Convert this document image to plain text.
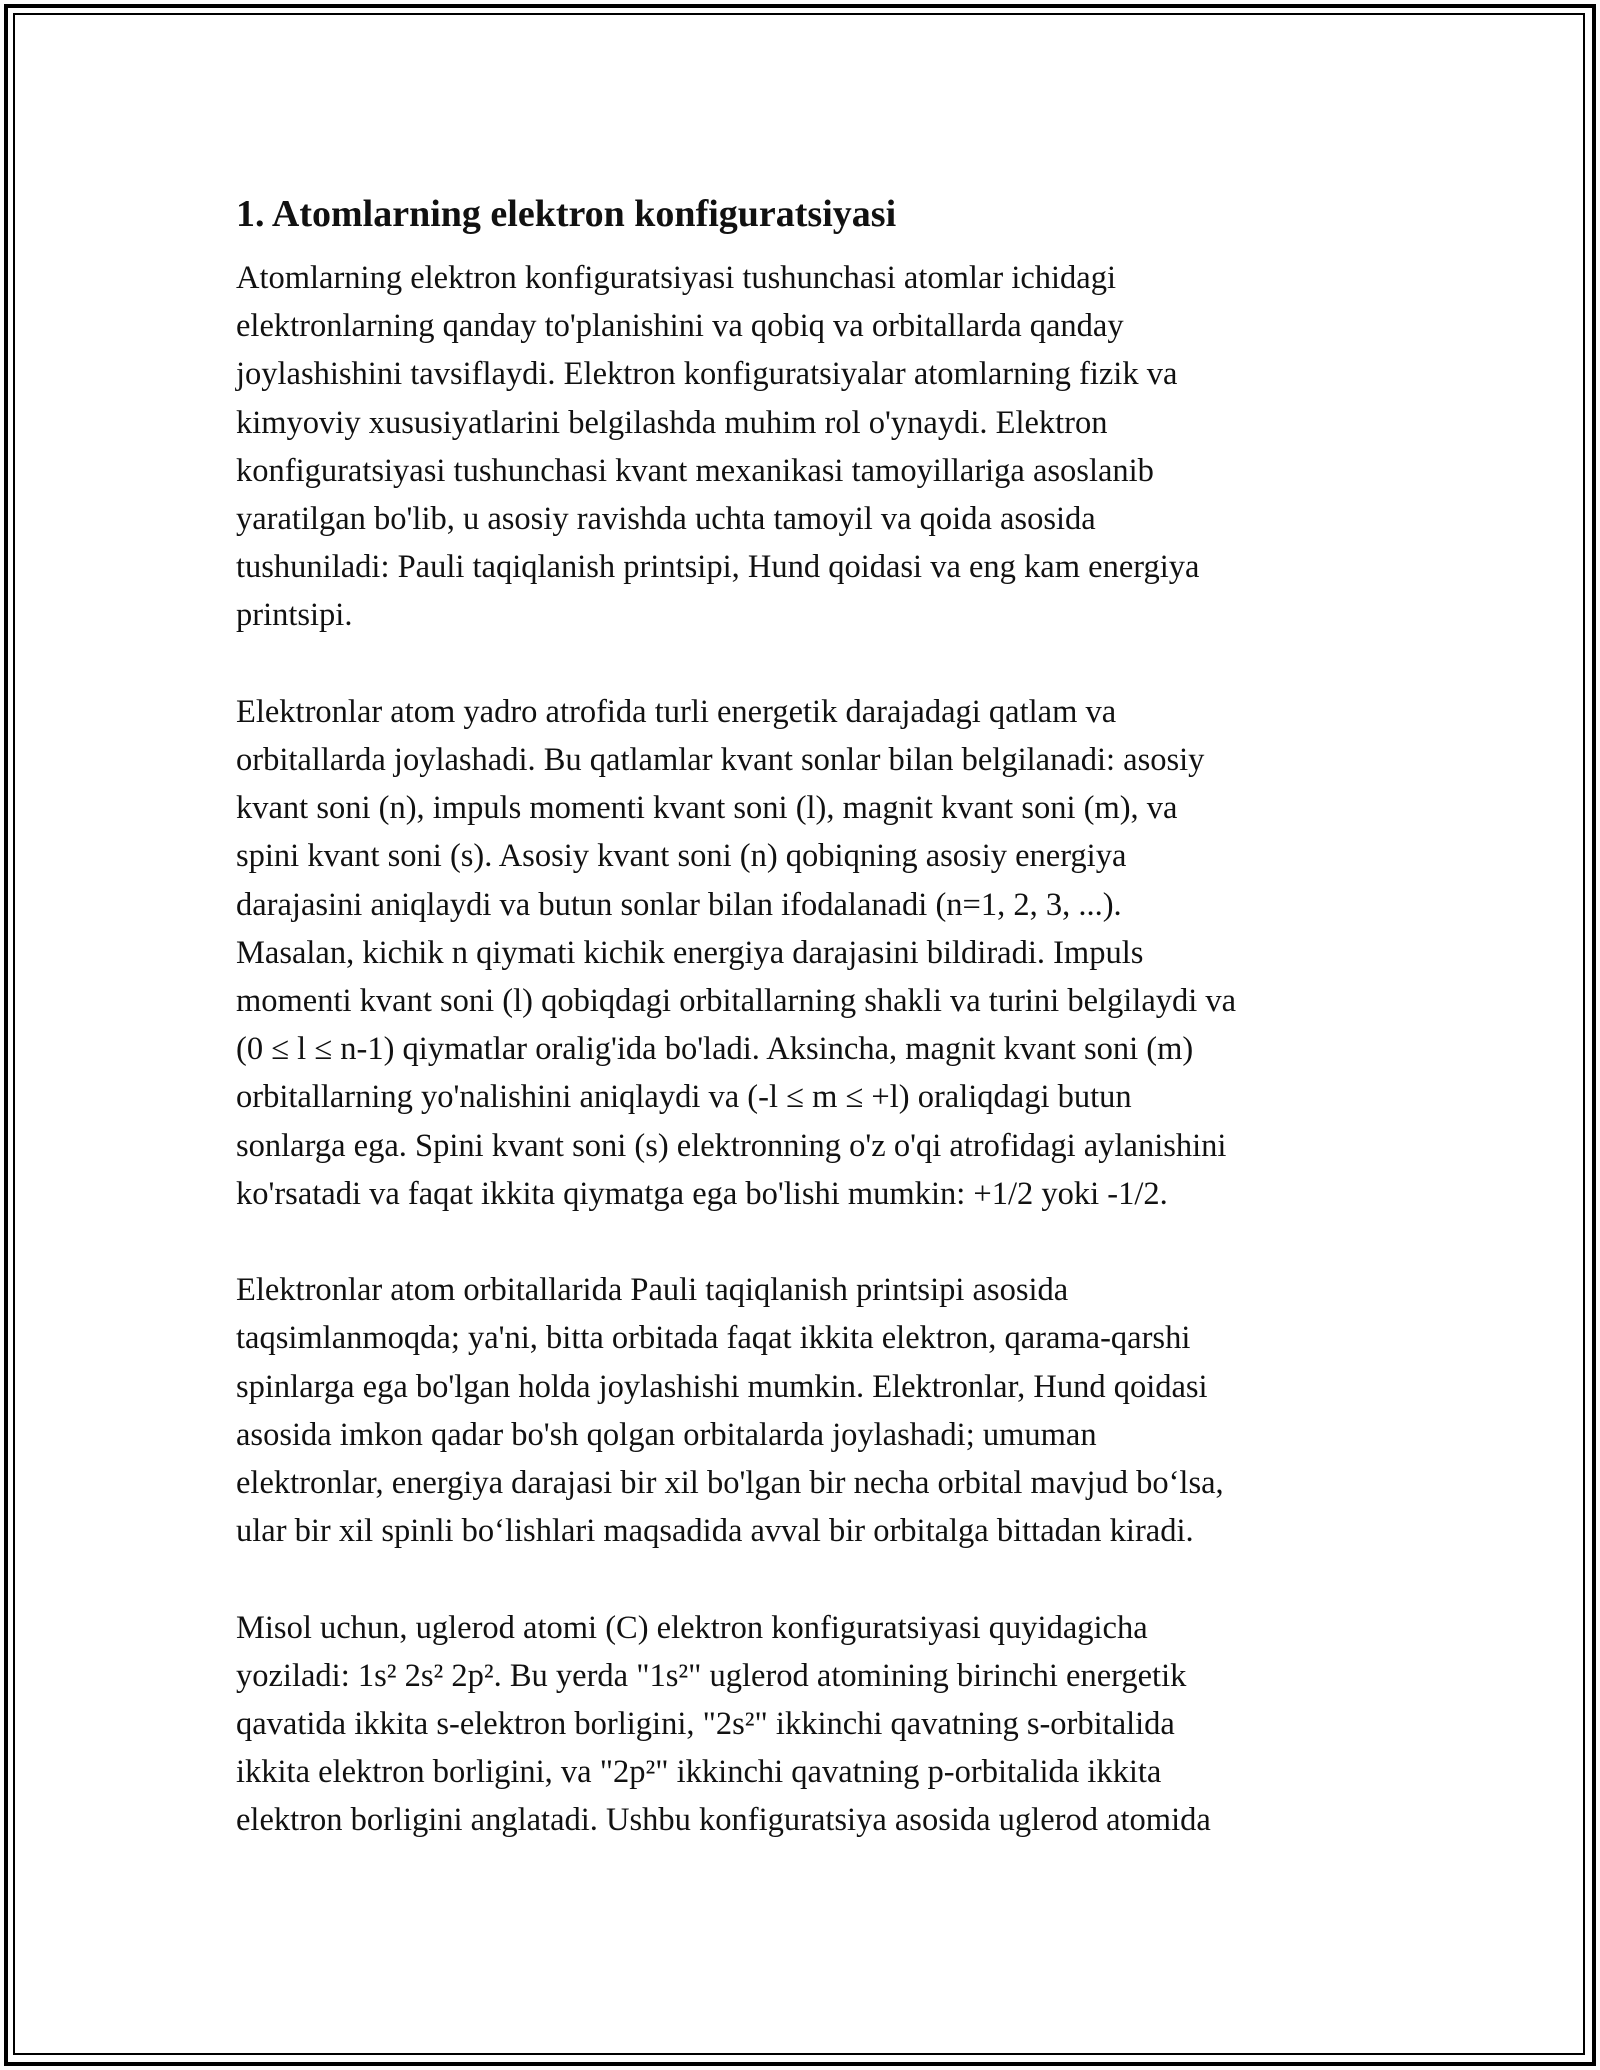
1. Atomlarning elektron konfiguratsiyasi
Atomlarning elektron konfiguratsiyasi tushunchasi atomlar ichidagi
elektronlarning qanday to'planishini va qobiq va orbitallarda qanday
joylashishini tavsiflaydi. Elektron konfiguratsiyalar atomlarning fizik va
kimyoviy xususiyatlarini belgilashda muhim rol o'ynaydi. Elektron
konfiguratsiyasi tushunchasi kvant mexanikasi tamoyillariga asoslanib
yaratilgan bo'lib, u asosiy ravishda uchta tamoyil va qoida asosida
tushuniladi: Pauli taqiqlanish printsipi, Hund qoidasi va eng kam energiya
printsipi.
Elektronlar atom yadro atrofida turli energetik darajadagi qatlam va
orbitallarda joylashadi. Bu qatlamlar kvant sonlar bilan belgilanadi: asosiy
kvant soni (n), impuls momenti kvant soni (l), magnit kvant soni (m), va
spini kvant soni (s). Asosiy kvant soni (n) qobiqning asosiy energiya
darajasini aniqlaydi va butun sonlar bilan ifodalanadi (n=1, 2, 3, ...).
Masalan, kichik n qiymati kichik energiya darajasini bildiradi. Impuls
momenti kvant soni (l) qobiqdagi orbitallarning shakli va turini belgilaydi va
(0 ≤ l ≤ n-1) qiymatlar oralig'ida bo'ladi. Aksincha, magnit kvant soni (m)
orbitallarning yo'nalishini aniqlaydi va (-l ≤ m ≤ +l) oraliqdagi butun
sonlarga ega. Spini kvant soni (s) elektronning o'z o'qi atrofidagi aylanishini
ko'rsatadi va faqat ikkita qiymatga ega bo'lishi mumkin: +1/2 yoki -1/2.
Elektronlar atom orbitallarida Pauli taqiqlanish printsipi asosida
taqsimlanmoqda; ya'ni, bitta orbitada faqat ikkita elektron, qarama-qarshi
spinlarga ega bo'lgan holda joylashishi mumkin. Elektronlar, Hund qoidasi
asosida imkon qadar bo'sh qolgan orbitalarda joylashadi; umuman
elektronlar, energiya darajasi bir xil bo'lgan bir necha orbital mavjud bo‘lsa,
ular bir xil spinli bo‘lishlari maqsadida avval bir orbitalga bittadan kiradi.
Misol uchun, uglerod atomi (C) elektron konfiguratsiyasi quyidagicha
yoziladi: 1s² 2s² 2p². Bu yerda "1s²" uglerod atomining birinchi energetik
qavatida ikkita s-elektron borligini, "2s²" ikkinchi qavatning s-orbitalida
ikkita elektron borligini, va "2p²" ikkinchi qavatning p-orbitalida ikkita
elektron borligini anglatadi. Ushbu konfiguratsiya asosida uglerod atomida
